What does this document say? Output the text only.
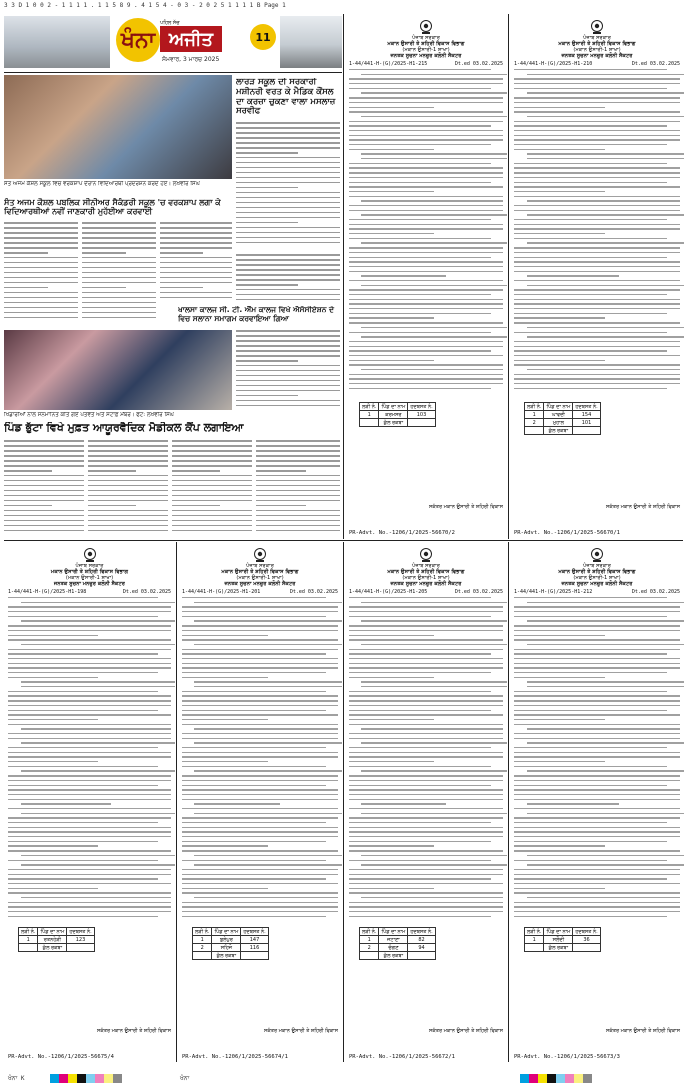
3 3 D 1 0 0 2 - 1 1 1 1 . 1 1 5 8 9 . 4 1 5 4 - 0 3 - 2 0 2 5 1 1 1 1 B Page 1
ਖੰਨਾ
ਪਹਿਲ ਸੱਚ
ਅਜੀਤ
ਸੋਮਵਾਰ, 3 ਮਾਰਚ 2025
11
ਸੰਤ ਅਜਮ ਕੌਸ਼ਲ ਸਕੂਲ ਵਿਚ ਵਰਕਸ਼ਾਪ ਦੌਰਾਨ ਵਿਦਿਆਰਥੀ ਪ੍ਰਦਰਸ਼ਨ ਕਰਦੇ ਹੋਏ। ਲਖਵੀਰ ਸਿੰਘ
ਲਾਰੜ ਸਕੂਲ ਦੀ ਸਰਕਾਰੀ ਮਸ਼ੀਨਰੀ ਵਰਤ ਕੇ ਮੈਡਿਕ ਕੌਂਸਲ ਦਾ ਕਰਜ਼ਾ ਚੁਕਣਾ ਵਾਲਾ ਮਸਲਾਜ਼ ਸਰਵੀਫ
ਸੰਤ ਅਜਮ ਕੌਸ਼ਲ ਪਬਲਿਕ ਸੀਨੀਅਰ ਸੈਕੰਡਰੀ ਸਕੂਲ 'ਚ ਵਰਕਸ਼ਾਪ ਲਗਾ ਕੇ ਵਿਦਿਆਰਥੀਆਂ ਨਵੀਂ ਜਾਣਕਾਰੀ ਮੁਹੱਈਆ ਕਰਵਾਈ
ਖਾਲਸਾ ਕਾਲਜ ਸੀ. ਟੀ. ਐੱਮ ਕਾਲਜ ਵਿਖੇ ਐਸੋਸੀਏਸ਼ਨ ਦੇ ਵਿਚ ਸਲਾਨਾ ਸਮਾਗਮ ਕਰਵਾਇਆ ਗਿਆ
ਖਿਡਾਰੀਆਂ ਨਾਲ ਸਨਮਾਨਿਤ ਕੀਤੇ ਗਏ ਪਤਵੰਤੇ ਅਤੇ ਸਟਾਫ਼ ਮੈਂਬਰ। ਫੋਟੋ: ਲਖਵੀਰ ਸਿੰਘ
ਪਿੰਡ ਭੁੱਟਾ ਵਿਖੇ ਮੁਫ਼ਤ ਆਯੂਰਵੈਦਿਕ ਮੈਡੀਕਲ ਕੈਂਪ ਲਗਾਇਆ
ਪੰਜਾਬ ਸਰਕਾਰ
ਮਕਾਨ ਉਸਾਰੀ ਤੇ ਸ਼ਹਿਰੀ ਵਿਕਾਸ ਵਿਭਾਗ
(ਮਕਾਨ ਉਸਾਰੀ-1 ਸ਼ਾਖਾ)
ਜਨਤਕ ਸੂਚਨਾ ਮਨਜ਼ੂਰ ਕਲੋਨੀ ਸੈਕਟਰ
1-44/441-H-(G)/2025-H1-215	Dt.ed 03.02.2025
ਲੜੀ ਨੰ.	ਪਿੰਡ ਦਾ ਨਾਮ	ਹਦਬਸਤ ਨੰ.
1	ਕਰਮਸਰ	103
	ਕੁੱਲ ਰਕਬਾ	
ਸਕੱਤਰ ਮਕਾਨ ਉਸਾਰੀ ਤੇ ਸ਼ਹਿਰੀ ਵਿਕਾਸ
PR-Advt. No.-1206/1/2025-56670/2
ਪੰਜਾਬ ਸਰਕਾਰ
ਮਕਾਨ ਉਸਾਰੀ ਤੇ ਸ਼ਹਿਰੀ ਵਿਕਾਸ ਵਿਭਾਗ
(ਮਕਾਨ ਉਸਾਰੀ-1 ਸ਼ਾਖਾ)
ਜਨਤਕ ਸੂਚਨਾ ਮਨਜ਼ੂਰ ਕਲੋਨੀ ਸੈਕਟਰ
1-44/441-H-(G)/2025-H1-210	Dt.ed 03.02.2025
ਲੜੀ ਨੰ.	ਪਿੰਡ ਦਾ ਨਾਮ	ਹਦਬਸਤ ਨੰ.
1	ਘਾਵਦੀ	154
2	ਮੁਹਾਲ	101
	ਕੁੱਲ ਰਕਬਾ	
ਸਕੱਤਰ ਮਕਾਨ ਉਸਾਰੀ ਤੇ ਸ਼ਹਿਰੀ ਵਿਕਾਸ
PR-Advt. No.-1206/1/2025-56670/1
ਪੰਜਾਬ ਸਰਕਾਰ
ਮਕਾਨ ਉਸਾਰੀ ਤੇ ਸ਼ਹਿਰੀ ਵਿਕਾਸ ਵਿਭਾਗ
(ਮਕਾਨ ਉਸਾਰੀ-1 ਸ਼ਾਖਾ)
ਜਨਤਕ ਸੂਚਨਾ ਮਨਜ਼ੂਰ ਕਲੋਨੀ ਸੈਕਟਰ
1-44/441-H-(G)/2025-H1-198	Dt.ed 03.02.2025
ਲੜੀ ਨੰ.	ਪਿੰਡ ਦਾ ਨਾਮ	ਹਦਬਸਤ ਨੰ.
1	ਰਤਨਹੇੜੀ	123
	ਕੁੱਲ ਰਕਬਾ	
ਸਕੱਤਰ ਮਕਾਨ ਉਸਾਰੀ ਤੇ ਸ਼ਹਿਰੀ ਵਿਕਾਸ
PR-Advt. No.-1206/1/2025-56675/4
ਪੰਜਾਬ ਸਰਕਾਰ
ਮਕਾਨ ਉਸਾਰੀ ਤੇ ਸ਼ਹਿਰੀ ਵਿਕਾਸ ਵਿਭਾਗ
(ਮਕਾਨ ਉਸਾਰੀ-1 ਸ਼ਾਖਾ)
ਜਨਤਕ ਸੂਚਨਾ ਮਨਜ਼ੂਰ ਕਲੋਨੀ ਸੈਕਟਰ
1-44/441-H-(G)/2025-H1-201	Dt.ed 03.02.2025
ਲੜੀ ਨੰ.	ਪਿੰਡ ਦਾ ਨਾਮ	ਹਦਬਸਤ ਨੰ.
1	ਬੁਲੇਪੁਰ	147
2	ਸਹਿਜੋ	116
	ਕੁੱਲ ਰਕਬਾ	
ਸਕੱਤਰ ਮਕਾਨ ਉਸਾਰੀ ਤੇ ਸ਼ਹਿਰੀ ਵਿਕਾਸ
PR-Advt. No.-1206/1/2025-56674/1
ਪੰਜਾਬ ਸਰਕਾਰ
ਮਕਾਨ ਉਸਾਰੀ ਤੇ ਸ਼ਹਿਰੀ ਵਿਕਾਸ ਵਿਭਾਗ
(ਮਕਾਨ ਉਸਾਰੀ-1 ਸ਼ਾਖਾ)
ਜਨਤਕ ਸੂਚਨਾ ਮਨਜ਼ੂਰ ਕਲੋਨੀ ਸੈਕਟਰ
1-44/441-H-(G)/2025-H1-205	Dt.ed 03.02.2025
ਲੜੀ ਨੰ.	ਪਿੰਡ ਦਾ ਨਾਮ	ਹਦਬਸਤ ਨੰ.
1	ਜਟਾਣਾ	82
2	ਚੰਗਣ	94
	ਕੁੱਲ ਰਕਬਾ	
ਸਕੱਤਰ ਮਕਾਨ ਉਸਾਰੀ ਤੇ ਸ਼ਹਿਰੀ ਵਿਕਾਸ
PR-Advt. No.-1206/1/2025-56672/1
ਪੰਜਾਬ ਸਰਕਾਰ
ਮਕਾਨ ਉਸਾਰੀ ਤੇ ਸ਼ਹਿਰੀ ਵਿਕਾਸ ਵਿਭਾਗ
(ਮਕਾਨ ਉਸਾਰੀ-1 ਸ਼ਾਖਾ)
ਜਨਤਕ ਸੂਚਨਾ ਮਨਜ਼ੂਰ ਕਲੋਨੀ ਸੈਕਟਰ
1-44/441-H-(G)/2025-H1-212	Dt.ed 03.02.2025
ਲੜੀ ਨੰ.	ਪਿੰਡ ਦਾ ਨਾਮ	ਹਦਬਸਤ ਨੰ.
1	ਸਲੌਦੀ	36
	ਕੁੱਲ ਰਕਬਾ	
ਸਕੱਤਰ ਮਕਾਨ ਉਸਾਰੀ ਤੇ ਸ਼ਹਿਰੀ ਵਿਕਾਸ
PR-Advt. No.-1206/1/2025-56673/3
ਖੰਨਾ K	ਖੰਨਾ
